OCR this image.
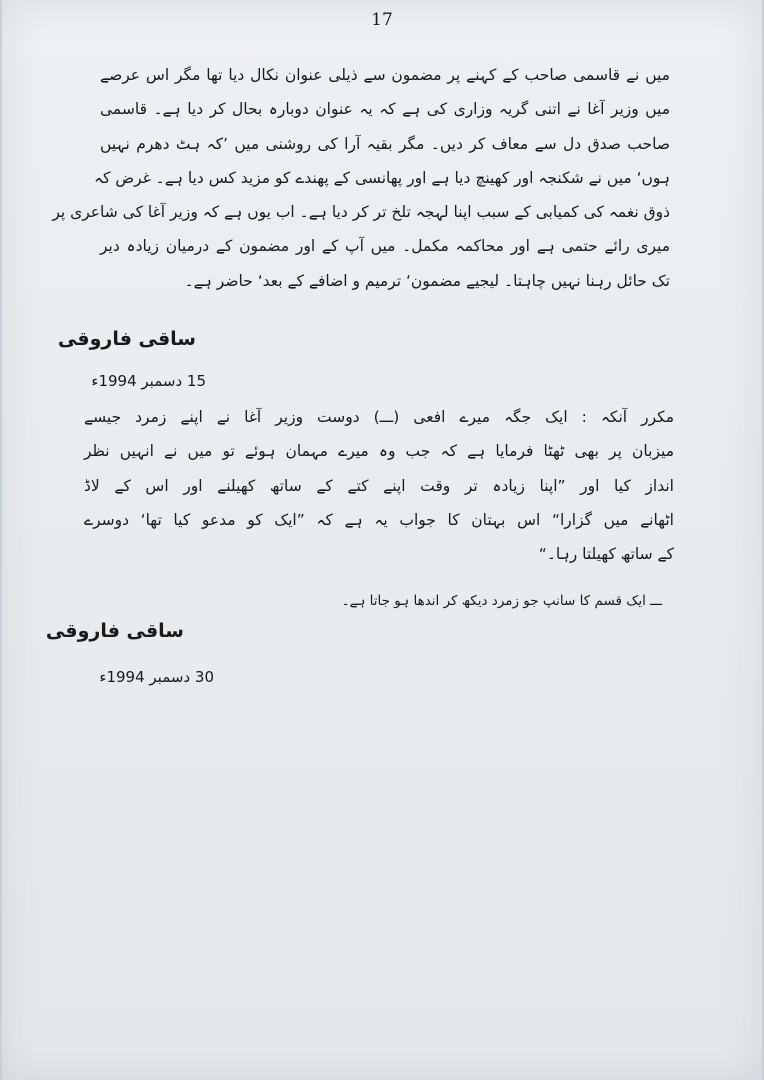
17
میں نے قاسمی صاحب کے کہنے پر مضمون سے ذیلی عنوان نکال دیا تھا مگر اس عرصے
میں وزیر آغا نے اتنی گریہ وزاری کی ہے کہ یہ عنوان دوبارہ بحال کر دیا ہے۔ قاسمی
صاحب صدق دل سے معاف کر دیں۔ مگر بقیہ آرا کی روشنی میں ’کہ ہٹ دھرم نہیں
ہوں‘ میں نے شکنجہ اور کھینچ دیا ہے اور پھانسی کے پھندے کو مزید کس دیا ہے۔ غرض کہ
ذوق نغمہ کی کمیابی کے سبب اپنا لہجہ تلخ تر کر دیا ہے۔ اب یوں ہے کہ وزیر آغا کی شاعری پر
میری رائے حتمی ہے اور محاکمہ مکمل۔ میں آپ کے اور مضمون کے درمیان زیادہ دیر
تک حائل رہنا نہیں چاہتا۔ لیجیے مضمون‘ ترمیم و اضافے کے بعد‘ حاضر ہے۔
ساقی فاروقی
15 دسمبر 1994ء
مکرر آنکہ : ایک جگہ میرے افعی (ـــ) دوست وزیر آغا نے اپنے زمرد جیسے
میزبان پر بھی ٹھٹا فرمایا ہے کہ جب وہ میرے مہمان ہوئے تو میں نے انہیں نظر
انداز کیا اور ”اپنا زیادہ تر وقت اپنے کتے کے ساتھ کھیلنے اور اس کے لاڈ
اٹھانے میں گزارا“ اس بہتان کا جواب یہ ہے کہ ”ایک کو مدعو کیا تھا‘ دوسرے
کے ساتھ کھیلتا رہا۔“
ـــ ایک قسم کا سانپ جو زمرد دیکھ کر اندھا ہو جاتا ہے۔
ساقی فاروقی
30 دسمبر 1994ء
